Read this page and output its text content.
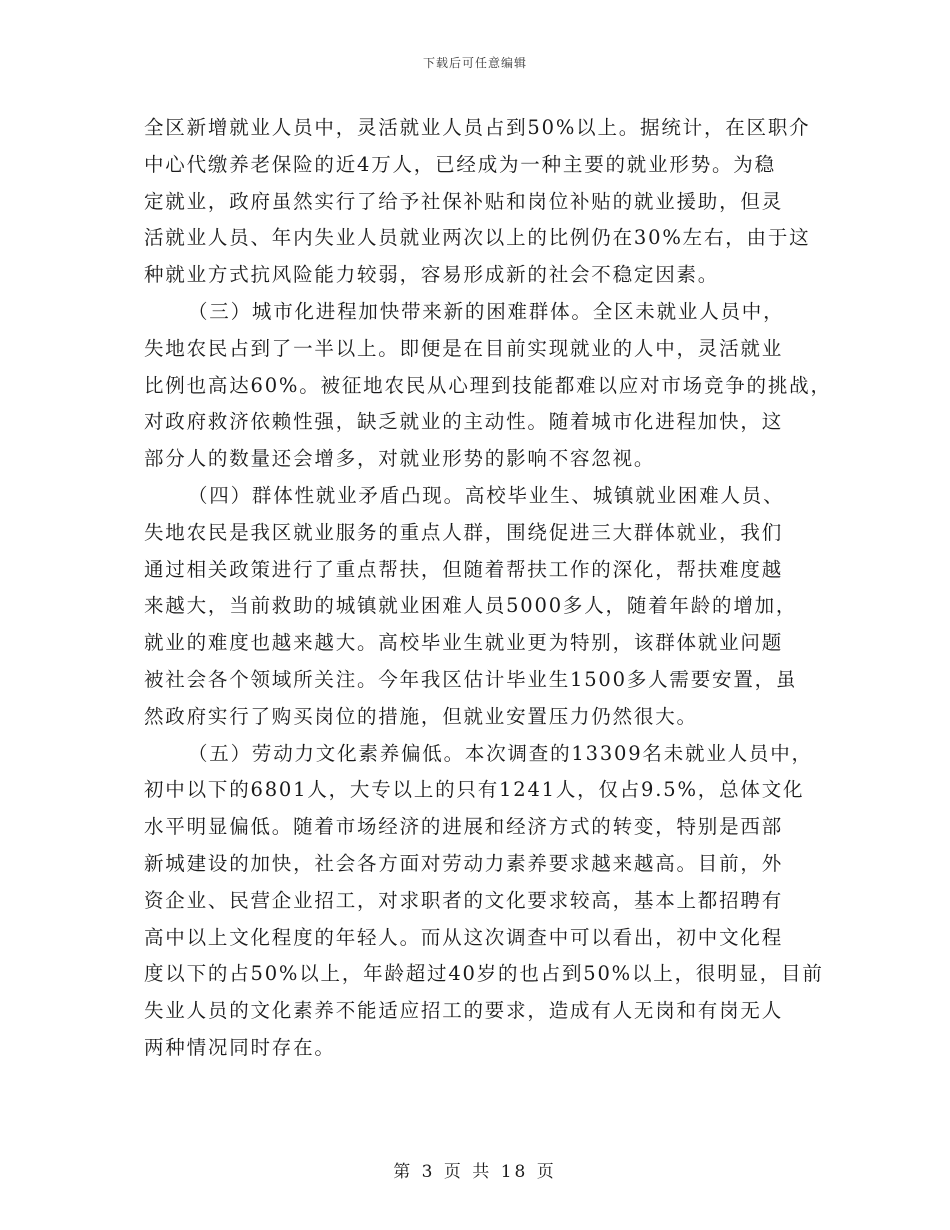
下载后可任意编辑
全区新增就业人员中，灵活就业人员占到50%以上。据统计，在区职介
中心代缴养老保险的近4万人，已经成为一种主要的就业形势。为稳
定就业，政府虽然实行了给予社保补贴和岗位补贴的就业援助，但灵
活就业人员、年内失业人员就业两次以上的比例仍在30%左右，由于这
种就业方式抗风险能力较弱，容易形成新的社会不稳定因素。
（三）城市化进程加快带来新的困难群体。全区未就业人员中，
失地农民占到了一半以上。即便是在目前实现就业的人中，灵活就业
比例也高达60%。被征地农民从心理到技能都难以应对市场竞争的挑战，
对政府救济依赖性强，缺乏就业的主动性。随着城市化进程加快，这
部分人的数量还会增多，对就业形势的影响不容忽视。
（四）群体性就业矛盾凸现。高校毕业生、城镇就业困难人员、
失地农民是我区就业服务的重点人群，围绕促进三大群体就业，我们
通过相关政策进行了重点帮扶，但随着帮扶工作的深化，帮扶难度越
来越大，当前救助的城镇就业困难人员5000多人，随着年龄的增加，
就业的难度也越来越大。高校毕业生就业更为特别，该群体就业问题
被社会各个领域所关注。今年我区估计毕业生1500多人需要安置，虽
然政府实行了购买岗位的措施，但就业安置压力仍然很大。
（五）劳动力文化素养偏低。本次调查的13309名未就业人员中，
初中以下的6801人，大专以上的只有1241人，仅占9.5%，总体文化
水平明显偏低。随着市场经济的进展和经济方式的转变，特别是西部
新城建设的加快，社会各方面对劳动力素养要求越来越高。目前，外
资企业、民营企业招工，对求职者的文化要求较高，基本上都招聘有
高中以上文化程度的年轻人。而从这次调查中可以看出，初中文化程
度以下的占50%以上，年龄超过40岁的也占到50%以上，很明显，目前
失业人员的文化素养不能适应招工的要求，造成有人无岗和有岗无人
两种情况同时存在。
第 3 页 共 18 页
